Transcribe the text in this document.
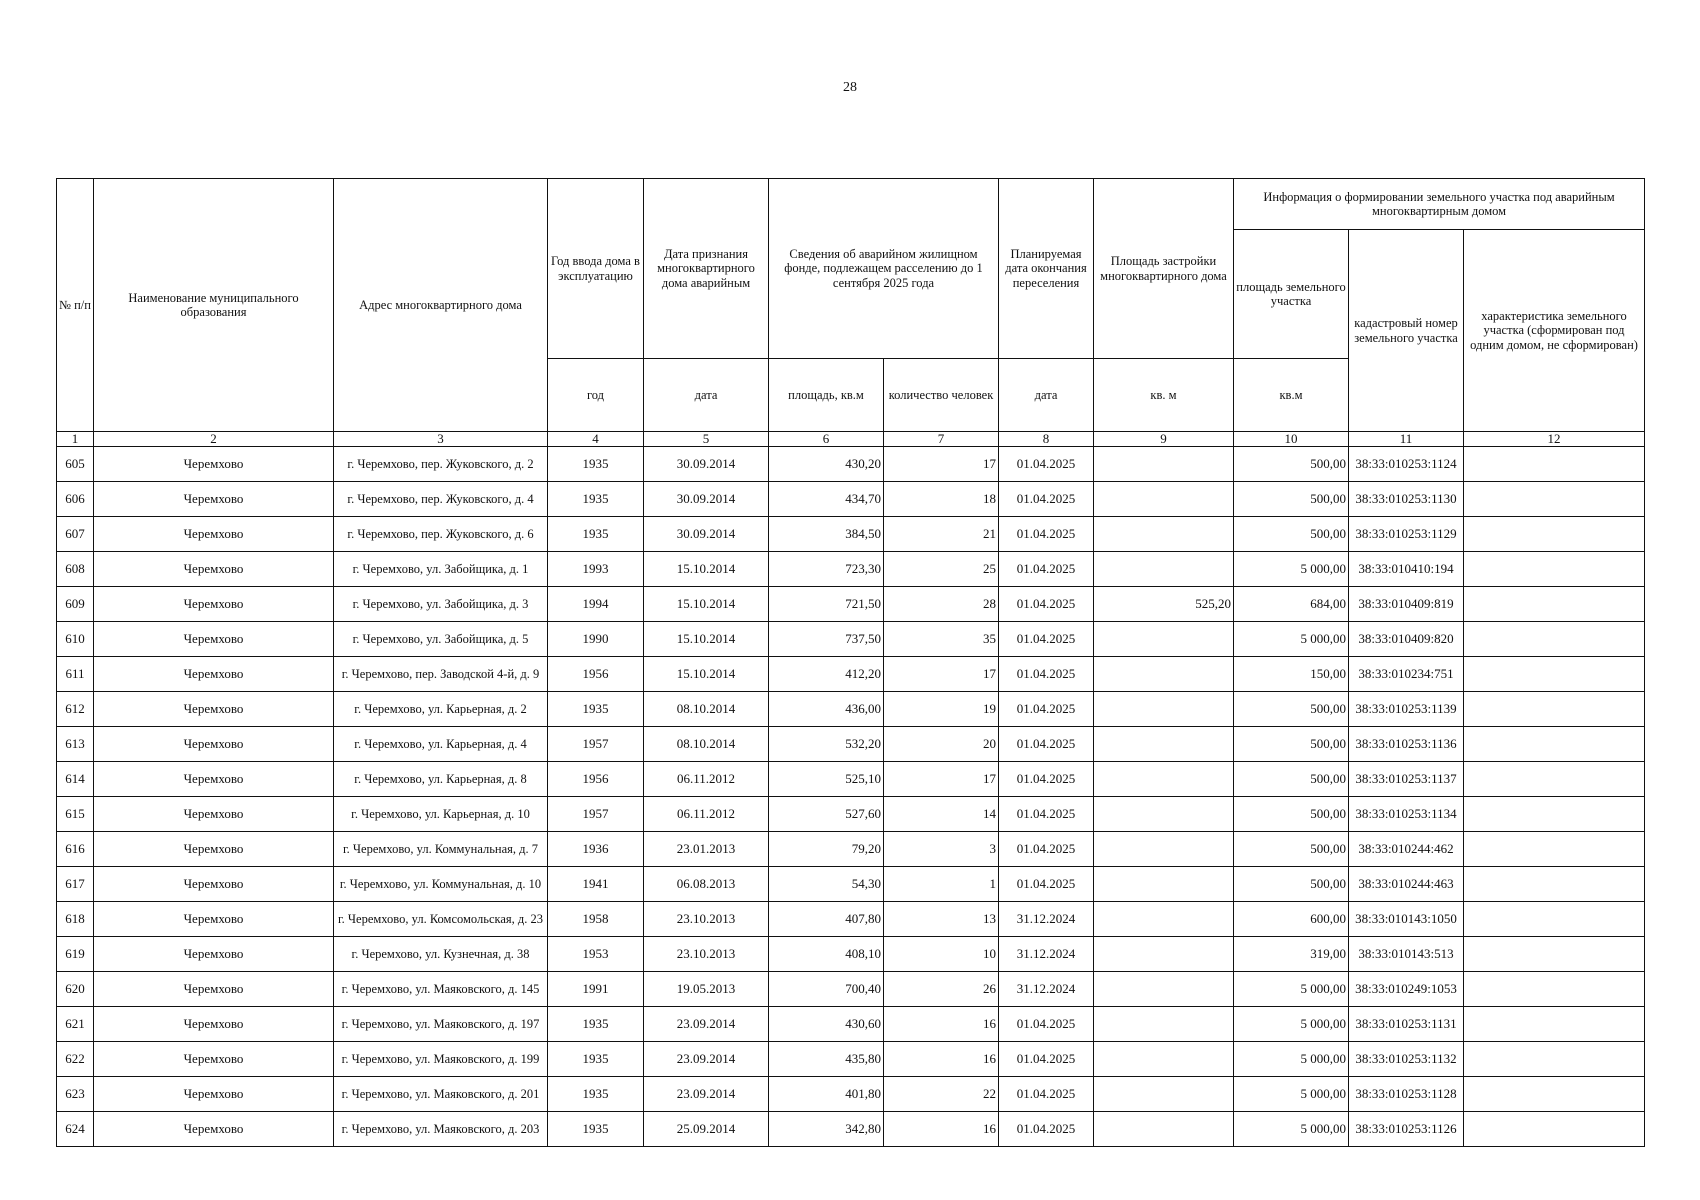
28
№ п/п	Наименование муниципального образования	Адрес многоквартирного дома	Год ввода дома в эксплуатацию	Дата признания многоквартирного дома аварийным	Сведения об аварийном жилищном фонде, подлежащем расселению до 1 сентября 2025 года		Планируемая дата окончания переселения	Площадь застройки многоквартирного дома	Информация о формировании земельного участка под аварийным многоквартирным домом		
									площадь земельного участка	кадастровый номер земельного участка	характеристика земельного участка (сформирован под одним домом, не сформирован)
			год	дата	площадь, кв.м	количество человек	дата	кв. м	кв.м		
1	2	3	4	5	6	7	8	9	10	11	12
605	Черемхово	г. Черемхово, пер. Жуковского, д. 2	1935	30.09.2014	430,20	17	01.04.2025		500,00	38:33:010253:1124	
606	Черемхово	г. Черемхово, пер. Жуковского, д. 4	1935	30.09.2014	434,70	18	01.04.2025		500,00	38:33:010253:1130	
607	Черемхово	г. Черемхово, пер. Жуковского, д. 6	1935	30.09.2014	384,50	21	01.04.2025		500,00	38:33:010253:1129	
608	Черемхово	г. Черемхово, ул. Забойщика, д. 1	1993	15.10.2014	723,30	25	01.04.2025		5 000,00	38:33:010410:194	
609	Черемхово	г. Черемхово, ул. Забойщика, д. 3	1994	15.10.2014	721,50	28	01.04.2025	525,20	684,00	38:33:010409:819	
610	Черемхово	г. Черемхово, ул. Забойщика, д. 5	1990	15.10.2014	737,50	35	01.04.2025		5 000,00	38:33:010409:820	
611	Черемхово	г. Черемхово, пер. Заводской 4-й, д. 9	1956	15.10.2014	412,20	17	01.04.2025		150,00	38:33:010234:751	
612	Черемхово	г. Черемхово, ул. Карьерная, д. 2	1935	08.10.2014	436,00	19	01.04.2025		500,00	38:33:010253:1139	
613	Черемхово	г. Черемхово, ул. Карьерная, д. 4	1957	08.10.2014	532,20	20	01.04.2025		500,00	38:33:010253:1136	
614	Черемхово	г. Черемхово, ул. Карьерная, д. 8	1956	06.11.2012	525,10	17	01.04.2025		500,00	38:33:010253:1137	
615	Черемхово	г. Черемхово, ул. Карьерная, д. 10	1957	06.11.2012	527,60	14	01.04.2025		500,00	38:33:010253:1134	
616	Черемхово	г. Черемхово, ул. Коммунальная, д. 7	1936	23.01.2013	79,20	3	01.04.2025		500,00	38:33:010244:462	
617	Черемхово	г. Черемхово, ул. Коммунальная, д. 10	1941	06.08.2013	54,30	1	01.04.2025		500,00	38:33:010244:463	
618	Черемхово	г. Черемхово, ул. Комсомольская, д. 23	1958	23.10.2013	407,80	13	31.12.2024		600,00	38:33:010143:1050	
619	Черемхово	г. Черемхово, ул. Кузнечная, д. 38	1953	23.10.2013	408,10	10	31.12.2024		319,00	38:33:010143:513	
620	Черемхово	г. Черемхово, ул. Маяковского, д. 145	1991	19.05.2013	700,40	26	31.12.2024		5 000,00	38:33:010249:1053	
621	Черемхово	г. Черемхово, ул. Маяковского, д. 197	1935	23.09.2014	430,60	16	01.04.2025		5 000,00	38:33:010253:1131	
622	Черемхово	г. Черемхово, ул. Маяковского, д. 199	1935	23.09.2014	435,80	16	01.04.2025		5 000,00	38:33:010253:1132	
623	Черемхово	г. Черемхово, ул. Маяковского, д. 201	1935	23.09.2014	401,80	22	01.04.2025		5 000,00	38:33:010253:1128	
624	Черемхово	г. Черемхово, ул. Маяковского, д. 203	1935	25.09.2014	342,80	16	01.04.2025		5 000,00	38:33:010253:1126	
